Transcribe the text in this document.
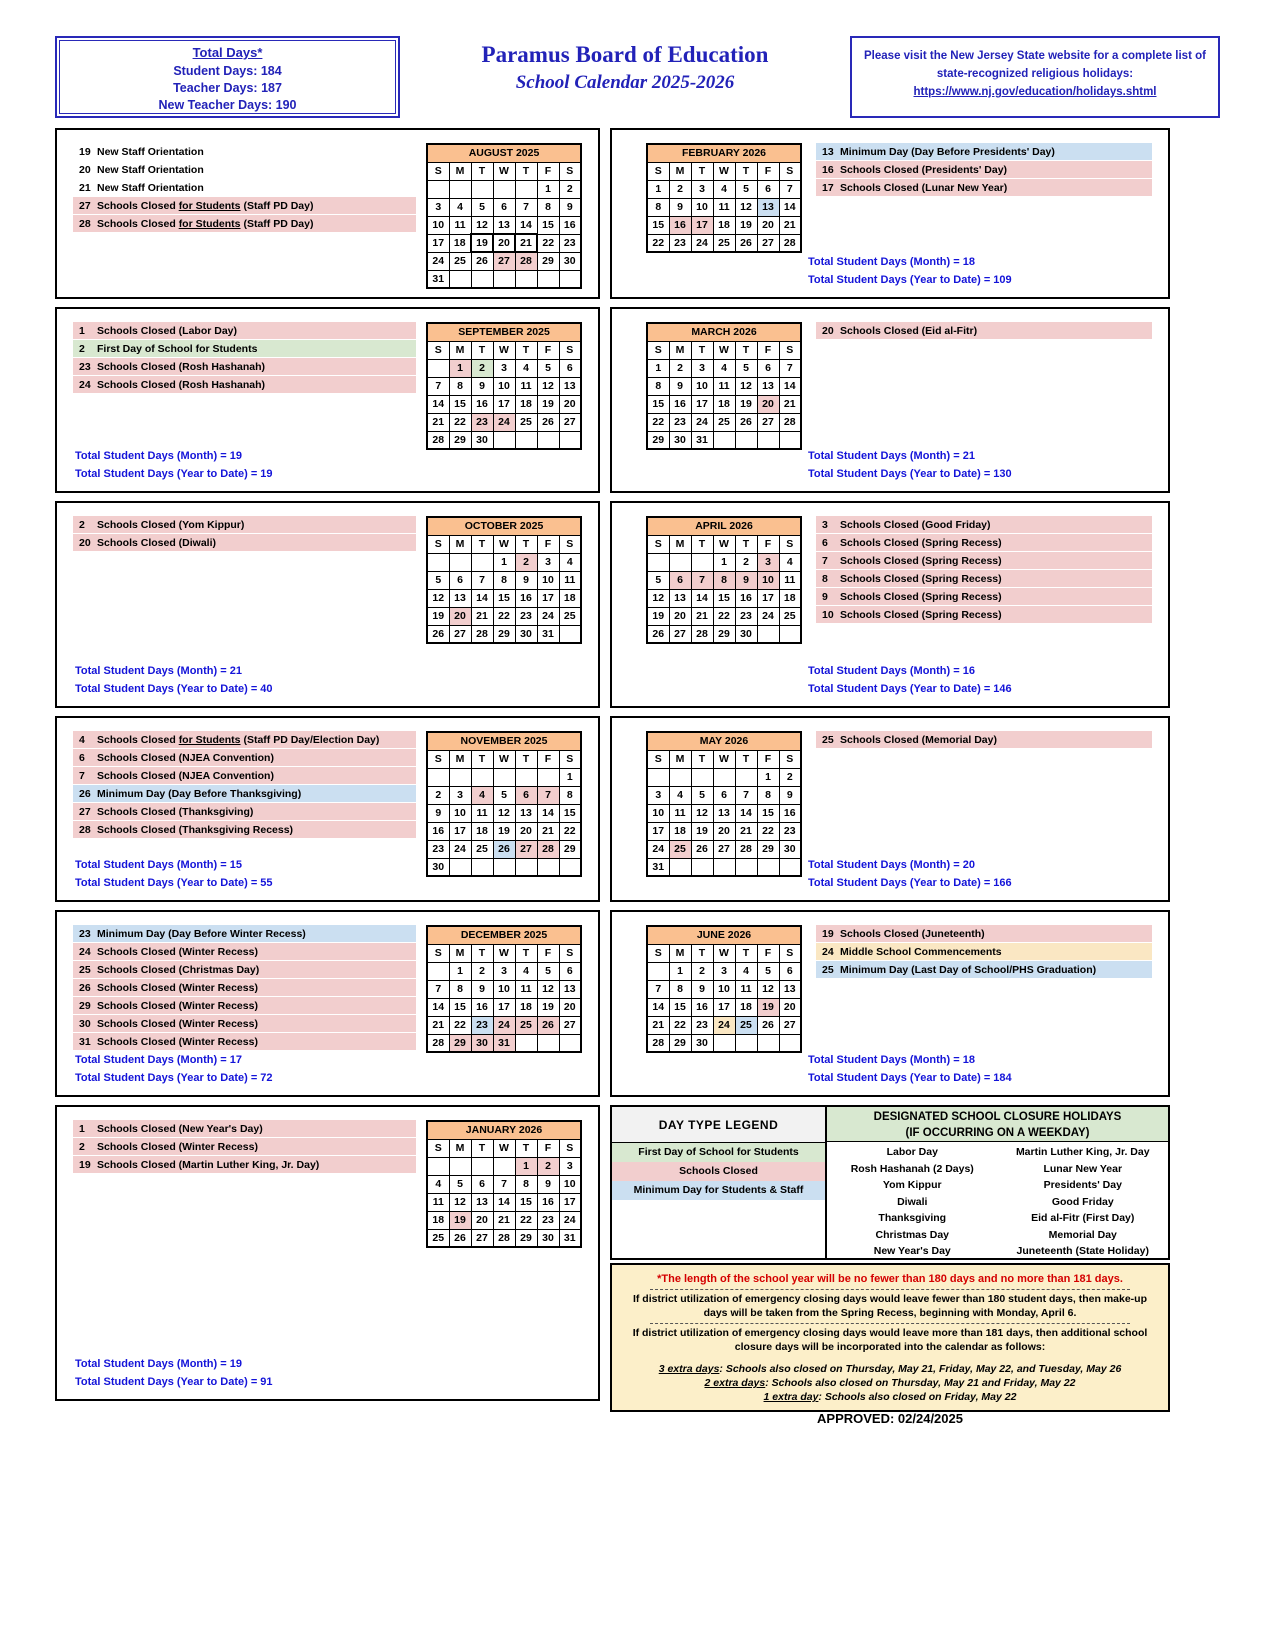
Total Days*
Student Days: 184
Teacher Days: 187
New Teacher Days: 190
Paramus Board of Education
School Calendar 2025-2026
Please visit the New Jersey State website for a complete list of state-recognized religious holidays:
https://www.nj.gov/education/holidays.shtml
19 New Staff Orientation
20 New Staff Orientation
21 New Staff Orientation
27 Schools Closed for Students (Staff PD Day)
28 Schools Closed for Students (Staff PD Day)
AUGUST 2025						
S	M	T	W	T	F	S
					1	2
3	4	5	6	7	8	9
10	11	12	13	14	15	16
17	18	19	20	21	22	23
24	25	26	27	28	29	30
31						
FEBRUARY 2026						
S	M	T	W	T	F	S
1	2	3	4	5	6	7
8	9	10	11	12	13	14
15	16	17	18	19	20	21
22	23	24	25	26	27	28
13 Minimum Day (Day Before Presidents' Day)
16 Schools Closed (Presidents' Day)
17 Schools Closed (Lunar New Year)
Total Student Days (Month) = 18
Total Student Days (Year to Date) = 109
1	Schools Closed (Labor Day)
2	First Day of School for Students
23 Schools Closed (Rosh Hashanah)
24 Schools Closed (Rosh Hashanah)
SEPTEMBER 2025						
S	M	T	W	T	F	S
	1	2	3	4	5	6
7	8	9	10	11	12	13
14	15	16	17	18	19	20
21	22	23	24	25	26	27
28	29	30				
Total Student Days (Month) = 19
Total Student Days (Year to Date) = 19
MARCH 2026						
S	M	T	W	T	F	S
1	2	3	4	5	6	7
8	9	10	11	12	13	14
15	16	17	18	19	20	21
22	23	24	25	26	27	28
29	30	31				
20 Schools Closed (Eid al-Fitr)
Total Student Days (Month) = 21
Total Student Days (Year to Date) = 130
2	Schools Closed (Yom Kippur)
20 Schools Closed (Diwali)
OCTOBER 2025						
S	M	T	W	T	F	S
			1	2	3	4
5	6	7	8	9	10	11
12	13	14	15	16	17	18
19	20	21	22	23	24	25
26	27	28	29	30	31	
Total Student Days (Month) = 21
Total Student Days (Year to Date) = 40
APRIL 2026						
S	M	T	W	T	F	S
			1	2	3	4
5	6	7	8	9	10	11
12	13	14	15	16	17	18
19	20	21	22	23	24	25
26	27	28	29	30		
3	Schools Closed (Good Friday)
6	Schools Closed (Spring Recess)
7	Schools Closed (Spring Recess)
8	Schools Closed (Spring Recess)
9	Schools Closed (Spring Recess)
10 Schools Closed (Spring Recess)
Total Student Days (Month) = 16
Total Student Days (Year to Date) = 146
4	Schools Closed for Students (Staff PD Day/Election Day)
6	Schools Closed (NJEA Convention)
7	Schools Closed (NJEA Convention)
26 Minimum Day (Day Before Thanksgiving)
27 Schools Closed (Thanksgiving)
28 Schools Closed (Thanksgiving Recess)
NOVEMBER 2025						
S	M	T	W	T	F	S
						1
2	3	4	5	6	7	8
9	10	11	12	13	14	15
16	17	18	19	20	21	22
23	24	25	26	27	28	29
30						
Total Student Days (Month) = 15
Total Student Days (Year to Date) = 55
MAY 2026						
S	M	T	W	T	F	S
					1	2
3	4	5	6	7	8	9
10	11	12	13	14	15	16
17	18	19	20	21	22	23
24	25	26	27	28	29	30
31						
25 Schools Closed (Memorial Day)
Total Student Days (Month) = 20
Total Student Days (Year to Date) = 166
23 Minimum Day (Day Before Winter Recess)
24 Schools Closed (Winter Recess)
25 Schools Closed (Christmas Day)
26 Schools Closed (Winter Recess)
29 Schools Closed (Winter Recess)
30 Schools Closed (Winter Recess)
31 Schools Closed (Winter Recess)
DECEMBER 2025						
S	M	T	W	T	F	S
	1	2	3	4	5	6
7	8	9	10	11	12	13
14	15	16	17	18	19	20
21	22	23	24	25	26	27
28	29	30	31			
Total Student Days (Month) = 17
Total Student Days (Year to Date) = 72
JUNE 2026						
S	M	T	W	T	F	S
	1	2	3	4	5	6
7	8	9	10	11	12	13
14	15	16	17	18	19	20
21	22	23	24	25	26	27
28	29	30				
19 Schools Closed (Juneteenth)
24 Middle School Commencements
25 Minimum Day (Last Day of School/PHS Graduation)
Total Student Days (Month) = 18
Total Student Days (Year to Date) = 184
1	Schools Closed (New Year's Day)
2	Schools Closed (Winter Recess)
19 Schools Closed (Martin Luther King, Jr. Day)
JANUARY 2026						
S	M	T	W	T	F	S
				1	2	3
4	5	6	7	8	9	10
11	12	13	14	15	16	17
18	19	20	21	22	23	24
25	26	27	28	29	30	31
Total Student Days (Month) = 19
Total Student Days (Year to Date) = 91
DAY TYPE LEGEND
First Day of School for Students
Schools Closed
Minimum Day for Students & Staff
DESIGNATED SCHOOL CLOSURE HOLIDAYS
(IF OCCURRING ON A WEEKDAY)
Labor Day
Rosh Hashanah (2 Days)
Yom Kippur
Diwali
Thanksgiving
Christmas Day
New Year's Day
Martin Luther King, Jr. Day
Lunar New Year
Presidents' Day
Good Friday
Eid al-Fitr (First Day)
Memorial Day
Juneteenth (State Holiday)
*The length of the school year will be no fewer than 180 days and no more than 181 days.
If district utilization of emergency closing days would leave fewer than 180 student days, then make-up days will be taken from the Spring Recess, beginning with Monday, April 6.
If district utilization of emergency closing days would leave more than 181 days, then additional school closure days will be incorporated into the calendar as follows:
3 extra days: Schools also closed on Thursday, May 21, Friday, May 22, and Tuesday, May 26
2 extra days: Schools also closed on Thursday, May 21 and Friday, May 22
1 extra day: Schools also closed on Friday, May 22
APPROVED: 02/24/2025
